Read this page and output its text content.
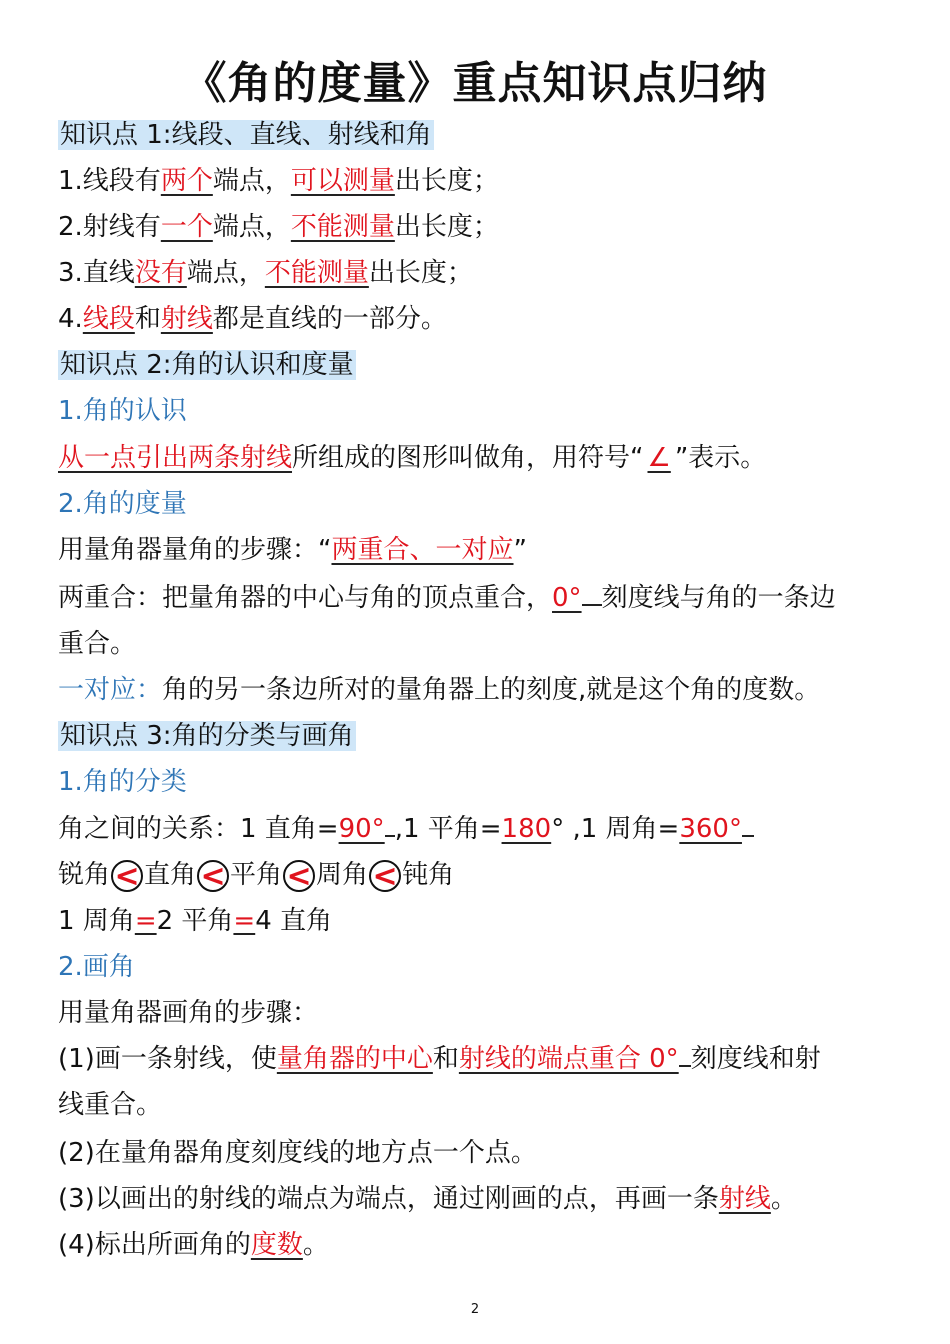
《角的度量》重点知识点归纳
知识点 1:线段、直线、射线和角
1.线段有两个端点，可以测量出长度；
2.射线有一个端点，不能测量出长度；
3.直线没有端点，不能测量出长度；
4.线段和射线都是直线的一部分。
知识点 2:角的认识和度量
1.角的认识
从一点引出两条射线所组成的图形叫做角，用符号“ ∠ ”表示。
2.角的度量
用量角器量角的步骤：“两重合、一对应”
两重合：把量角器的中心与角的顶点重合，0° 刻度线与角的一条边
重合。
一对应：角的另一条边所对的量角器上的刻度,就是这个角的度数。
知识点 3:角的分类与画角
1.角的分类
角之间的关系：1 直角=90° ,1 平角=180° ,1 周角=360°
锐角 < 直角 < 平角 < 周角 < 钝角
1 周角=2 平角=4 直角
2.画角
用量角器画角的步骤：
(1)画一条射线，使量角器的中心和射线的端点重合 0° 刻度线和射
线重合。
(2)在量角器角度刻度线的地方点一个点。
(3)以画出的射线的端点为端点，通过刚画的点，再画一条射线。
(4)标出所画角的度数。
2
